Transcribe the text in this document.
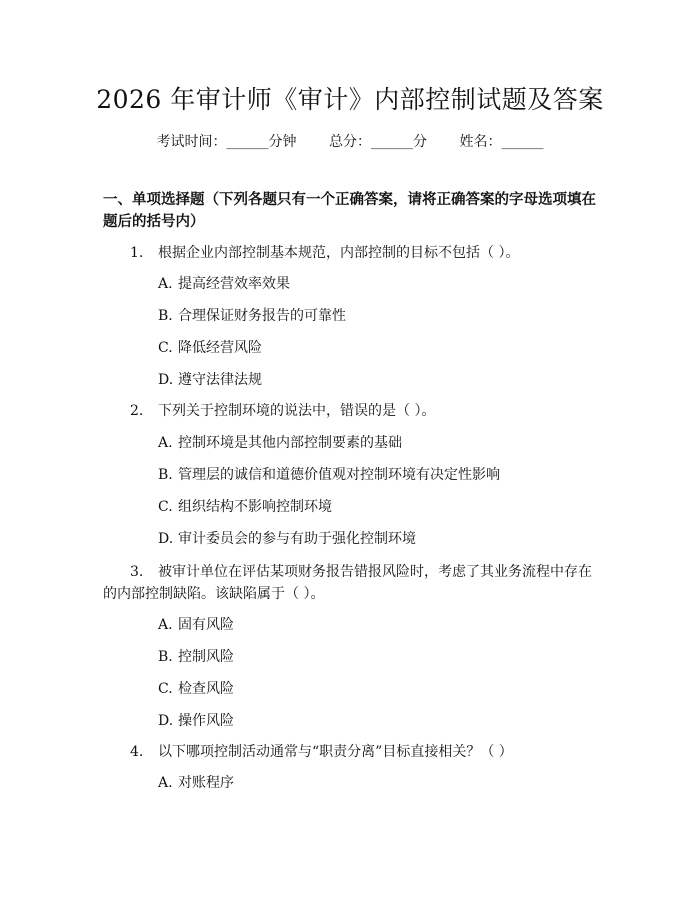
2026 年审计师《审计》内部控制试题及答案
考试时间：______分钟 总分：______分 姓名：______
一、单项选择题（下列各题只有一个正确答案，请将正确答案的字母选项填在题后的括号内）
1. 根据企业内部控制基本规范，内部控制的目标不包括（ ）。
A. 提高经营效率效果
B. 合理保证财务报告的可靠性
C. 降低经营风险
D. 遵守法律法规
2. 下列关于控制环境的说法中，错误的是（ ）。
A. 控制环境是其他内部控制要素的基础
B. 管理层的诚信和道德价值观对控制环境有决定性影响
C. 组织结构不影响控制环境
D. 审计委员会的参与有助于强化控制环境
3. 被审计单位在评估某项财务报告错报风险时，考虑了其业务流程中存在的内部控制缺陷。该缺陷属于（ ）。
A. 固有风险
B. 控制风险
C. 检查风险
D. 操作风险
4. 以下哪项控制活动通常与“职责分离”目标直接相关？（ ）
A. 对账程序
